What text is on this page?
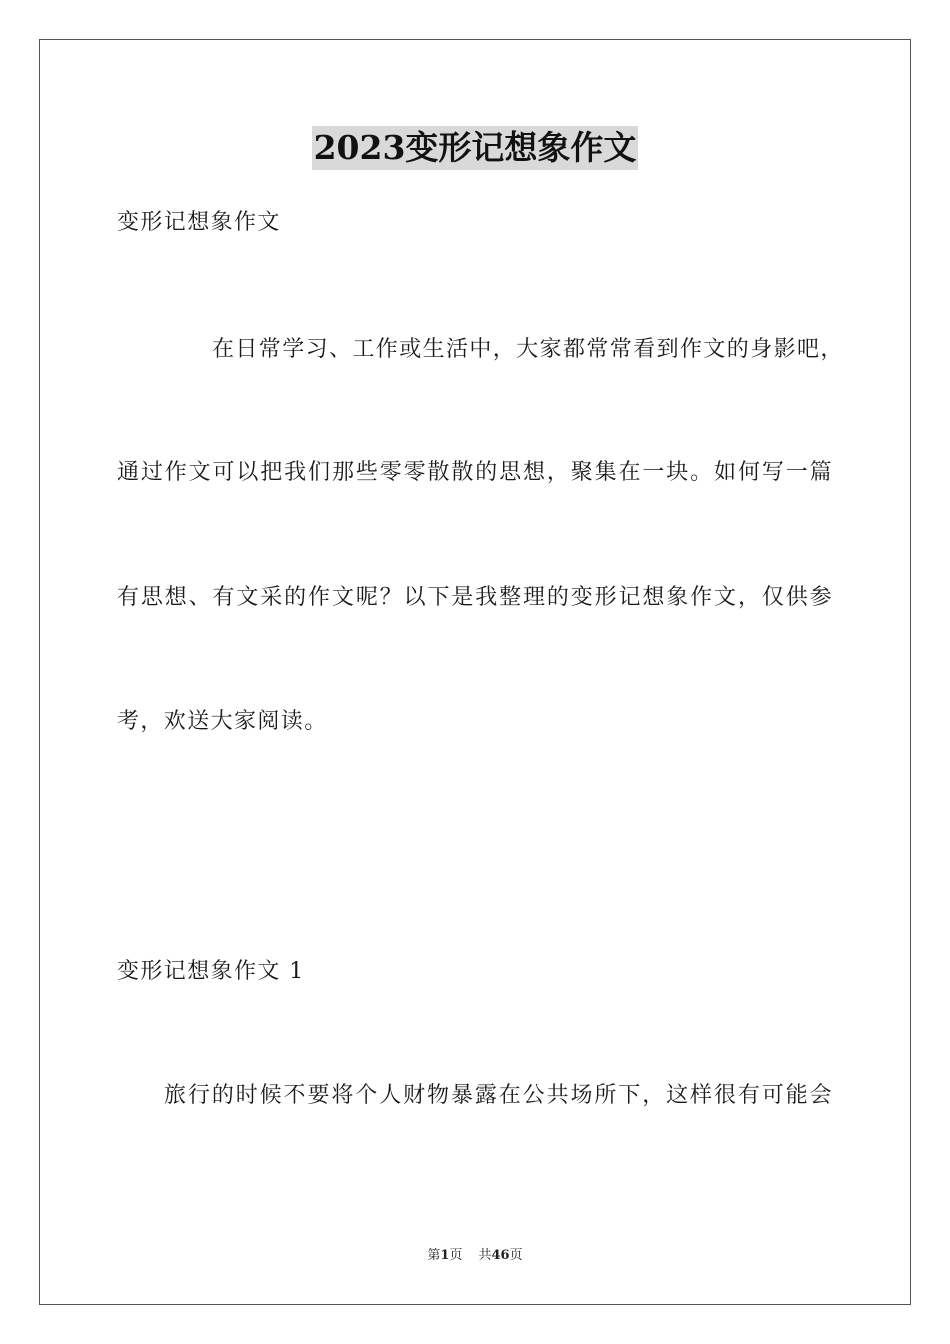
2023变形记想象作文
变形记想象作文
在日常学习、工作或生活中，大家都常常看到作文的身影吧，
通过作文可以把我们那些零零散散的思想，聚集在一块。如何写一篇
有思想、有文采的作文呢？以下是我整理的变形记想象作文，仅供参
考，欢送大家阅读。
变形记想象作文 1
旅行的时候不要将个人财物暴露在公共场所下，这样很有可能会
第1页 共46页
